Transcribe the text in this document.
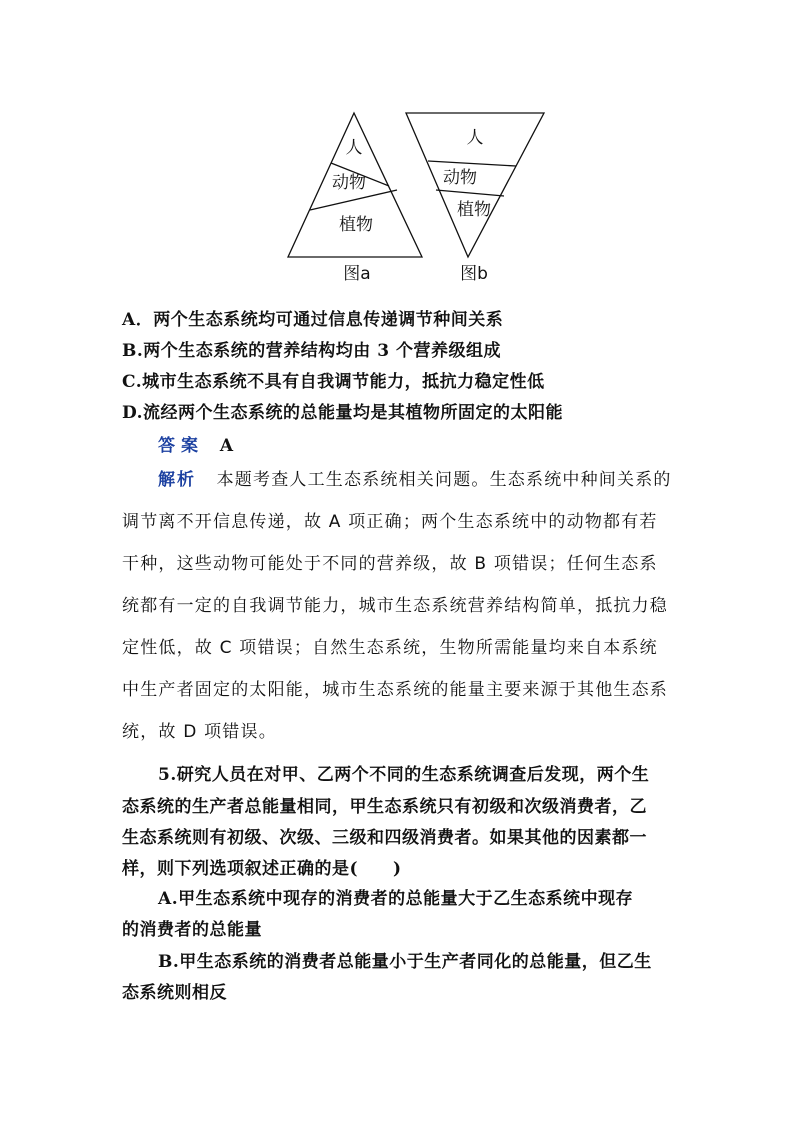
人
动物
植物
图a
人
动物
植物
图b
A．两个生态系统均可通过信息传递调节种间关系
B.两个生态系统的营养结构均由 3 个营养级组成
C.城市生态系统不具有自我调节能力，抵抗力稳定性低
D.流经两个生态系统的总能量均是其植物所固定的太阳能
答案 A
解析 本题考查人工生态系统相关问题。生态系统中种间关系的
调节离不开信息传递，故 A 项正确；两个生态系统中的动物都有若
干种，这些动物可能处于不同的营养级，故 B 项错误；任何生态系
统都有一定的自我调节能力，城市生态系统营养结构简单，抵抗力稳
定性低，故 C 项错误；自然生态系统，生物所需能量均来自本系统
中生产者固定的太阳能，城市生态系统的能量主要来源于其他生态系
统，故 D 项错误。
5.研究人员在对甲、乙两个不同的生态系统调查后发现，两个生
态系统的生产者总能量相同，甲生态系统只有初级和次级消费者，乙
生态系统则有初级、次级、三级和四级消费者。如果其他的因素都一
样，则下列选项叙述正确的是(　　)
A.甲生态系统中现存的消费者的总能量大于乙生态系统中现存
的消费者的总能量
B.甲生态系统的消费者总能量小于生产者同化的总能量，但乙生
态系统则相反
